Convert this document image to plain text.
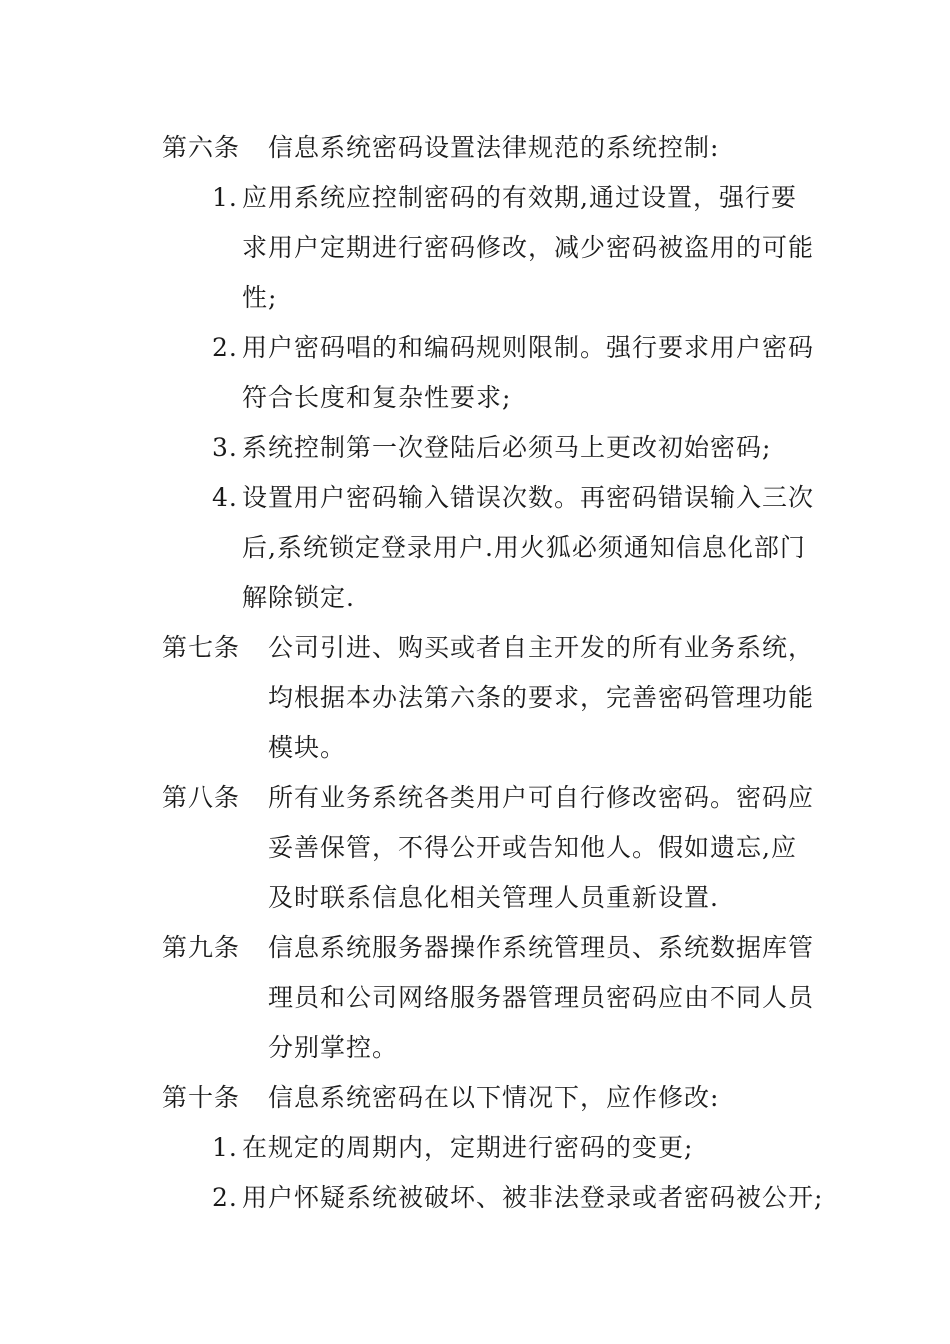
第六条 信息系统密码设置法律规范的系统控制:
1. 应用系统应控制密码的有效期,通过设置，强行要
求用户定期进行密码修改，减少密码被盗用的可能
性;
2. 用户密码唱的和编码规则限制。强行要求用户密码
符合长度和复杂性要求;
3. 系统控制第一次登陆后必须马上更改初始密码;
4. 设置用户密码输入错误次数。再密码错误输入三次
后,系统锁定登录用户.用火狐必须通知信息化部门
解除锁定.
第七条 公司引进、购买或者自主开发的所有业务系统，
均根据本办法第六条的要求，完善密码管理功能
模块。
第八条 所有业务系统各类用户可自行修改密码。密码应
妥善保管，不得公开或告知他人。假如遗忘,应
及时联系信息化相关管理人员重新设置.
第九条 信息系统服务器操作系统管理员、系统数据库管
理员和公司网络服务器管理员密码应由不同人员
分别掌控。
第十条 信息系统密码在以下情况下，应作修改:
1. 在规定的周期内，定期进行密码的变更;
2. 用户怀疑系统被破坏、被非法登录或者密码被公开;
